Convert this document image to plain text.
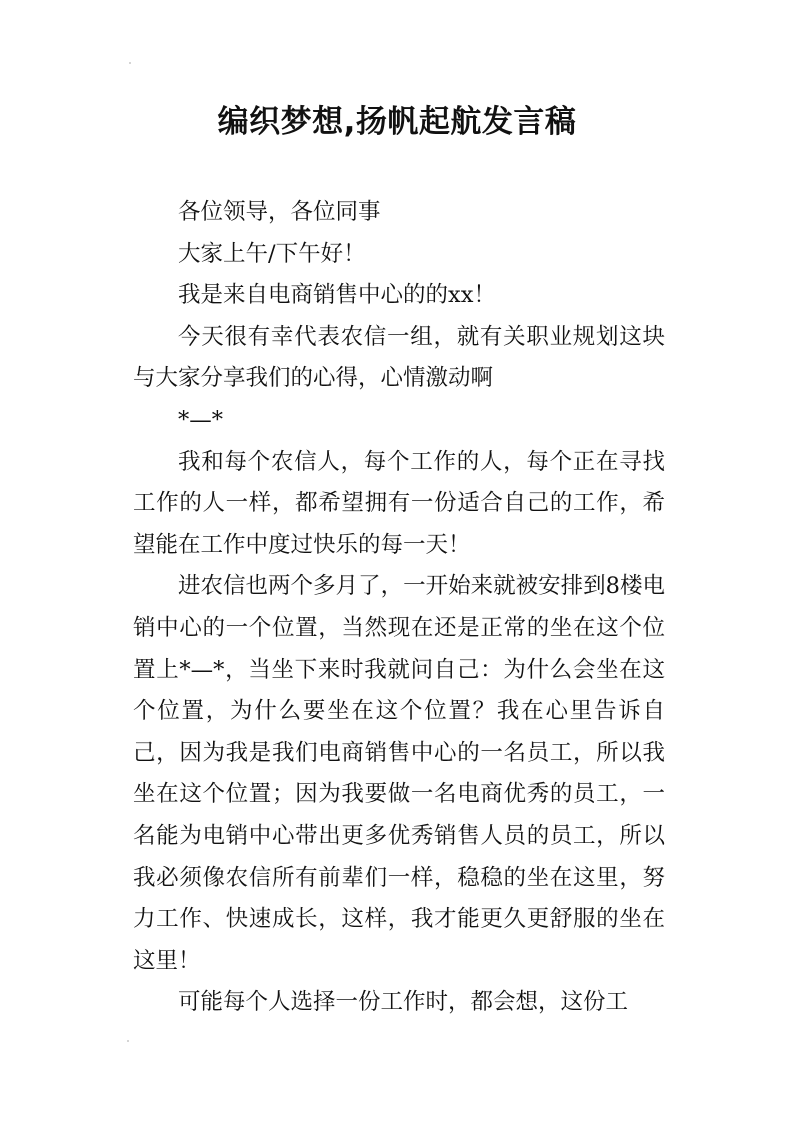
编织梦想,扬帆起航发言稿

各位领导，各位同事

大家上午/下午好！

我是来自电商销售中心的的xx！

今天很有幸代表农信一组，就有关职业规划这块与大家分享我们的心得，心情激动啊

*—*

我和每个农信人，每个工作的人，每个正在寻找工作的人一样，都希望拥有一份适合自己的工作，希望能在工作中度过快乐的每一天！

进农信也两个多月了，一开始来就被安排到8楼电销中心的一个位置，当然现在还是正常的坐在这个位置上*—*，当坐下来时我就问自己：为什么会坐在这个位置，为什么要坐在这个位置？我在心里告诉自己，因为我是我们电商销售中心的一名员工，所以我坐在这个位置；因为我要做一名电商优秀的员工，一名能为电销中心带出更多优秀销售人员的员工，所以我必须像农信所有前辈们一样，稳稳的坐在这里，努力工作、快速成长，这样，我才能更久更舒服的坐在这里！

可能每个人选择一份工作时，都会想，这份工
